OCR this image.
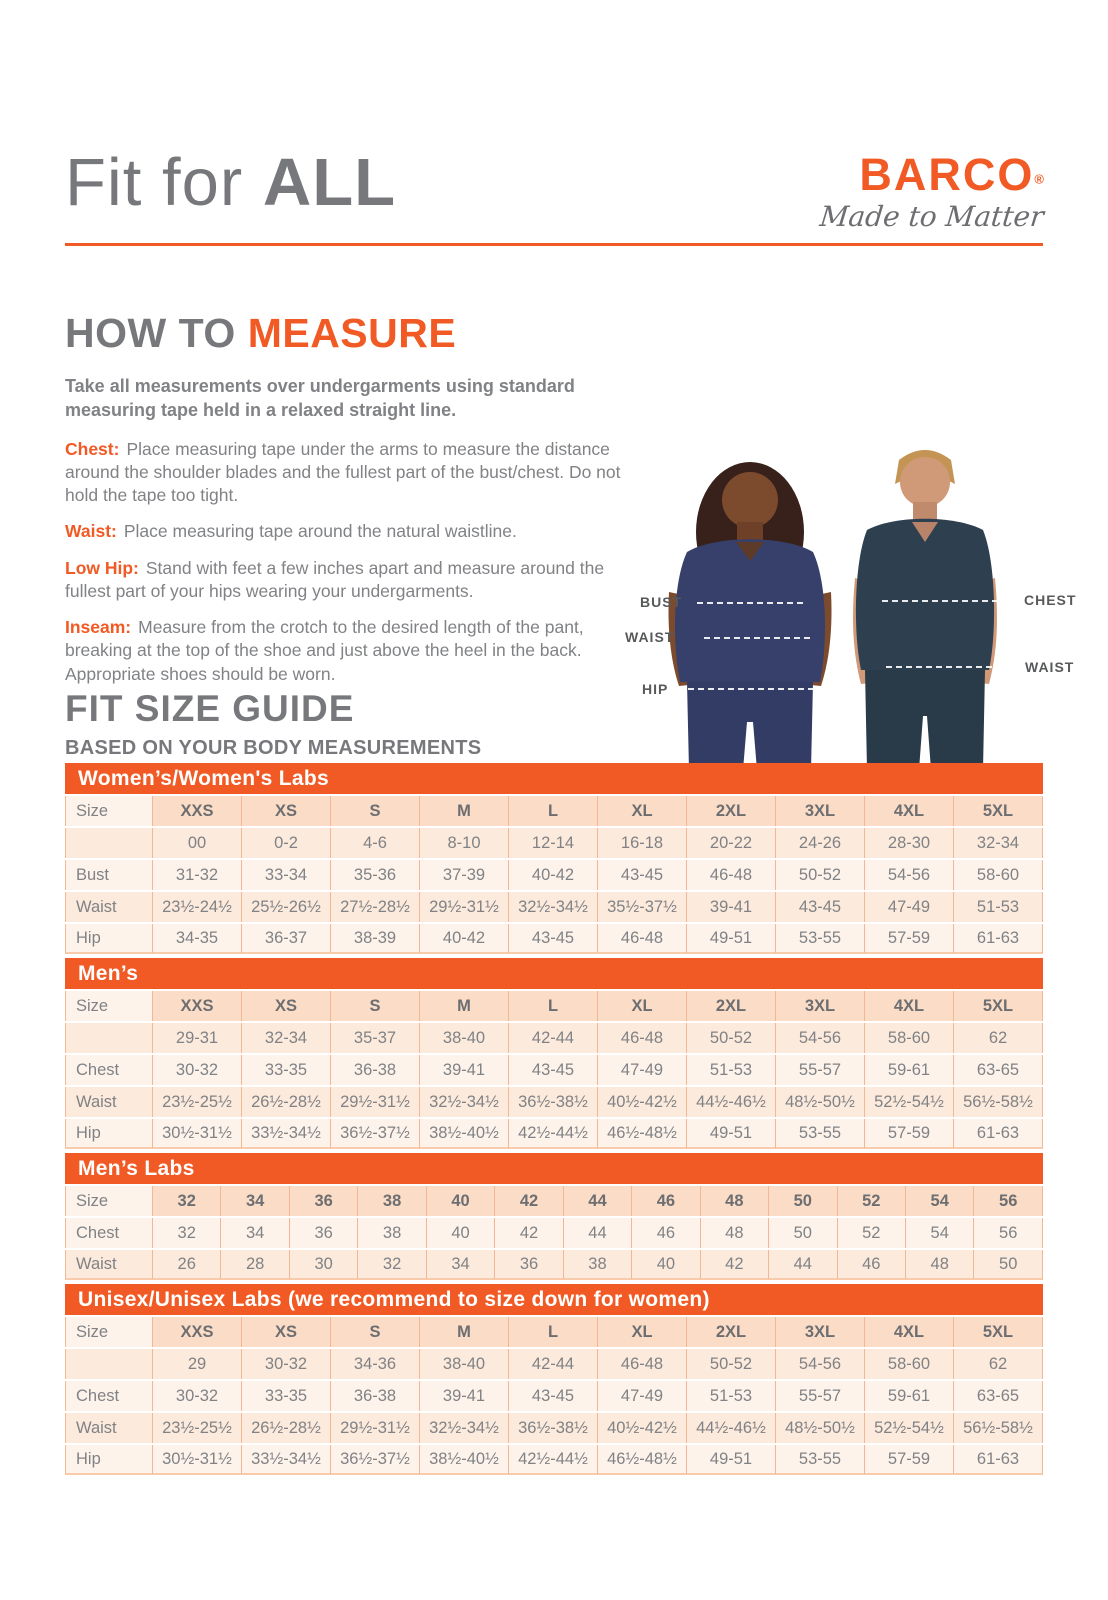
Fit for ALL	BARCO®
Made to Matter
HOW TO MEASURE

Take all measurements over undergarments using standard measuring tape held in a relaxed straight line.

Chest: Place measuring tape under the arms to measure the distance around the shoulder blades and the fullest part of the bust/chest. Do not hold the tape too tight.

Waist: Place measuring tape around the natural waistline.

Low Hip: Stand with feet a few inches apart and measure around the fullest part of your hips wearing your undergarments.

Inseam: Measure from the crotch to the desired length of the pant, breaking at the top of the shoe and just above the heel in the back. Appropriate shoes should be worn.

BUST
WAIST
HIP
CHEST
WAIST
FIT SIZE GUIDE
BASED ON YOUR BODY MEASUREMENTS
Women’s/Women's Labs
Size	XXS	XS	S	M	L	XL	2XL	3XL	4XL	5XL
	00	0-2	4-6	8-10	12-14	16-18	20-22	24-26	28-30	32-34
Bust	31-32	33-34	35-36	37-39	40-42	43-45	46-48	50-52	54-56	58-60
Waist	23½-24½	25½-26½	27½-28½	29½-31½	32½-34½	35½-37½	39-41	43-45	47-49	51-53
Hip	34-35	36-37	38-39	40-42	43-45	46-48	49-51	53-55	57-59	61-63
Men’s
Size	XXS	XS	S	M	L	XL	2XL	3XL	4XL	5XL
	29-31	32-34	35-37	38-40	42-44	46-48	50-52	54-56	58-60	62
Chest	30-32	33-35	36-38	39-41	43-45	47-49	51-53	55-57	59-61	63-65
Waist	23½-25½	26½-28½	29½-31½	32½-34½	36½-38½	40½-42½	44½-46½	48½-50½	52½-54½	56½-58½
Hip	30½-31½	33½-34½	36½-37½	38½-40½	42½-44½	46½-48½	49-51	53-55	57-59	61-63
Men’s Labs
Size	32	34	36	38	40	42	44	46	48	50	52	54	56
Chest	32	34	36	38	40	42	44	46	48	50	52	54	56
Waist	26	28	30	32	34	36	38	40	42	44	46	48	50
Unisex/Unisex Labs (we recommend to size down for women)
Size	XXS	XS	S	M	L	XL	2XL	3XL	4XL	5XL
	29	30-32	34-36	38-40	42-44	46-48	50-52	54-56	58-60	62
Chest	30-32	33-35	36-38	39-41	43-45	47-49	51-53	55-57	59-61	63-65
Waist	23½-25½	26½-28½	29½-31½	32½-34½	36½-38½	40½-42½	44½-46½	48½-50½	52½-54½	56½-58½
Hip	30½-31½	33½-34½	36½-37½	38½-40½	42½-44½	46½-48½	49-51	53-55	57-59	61-63
